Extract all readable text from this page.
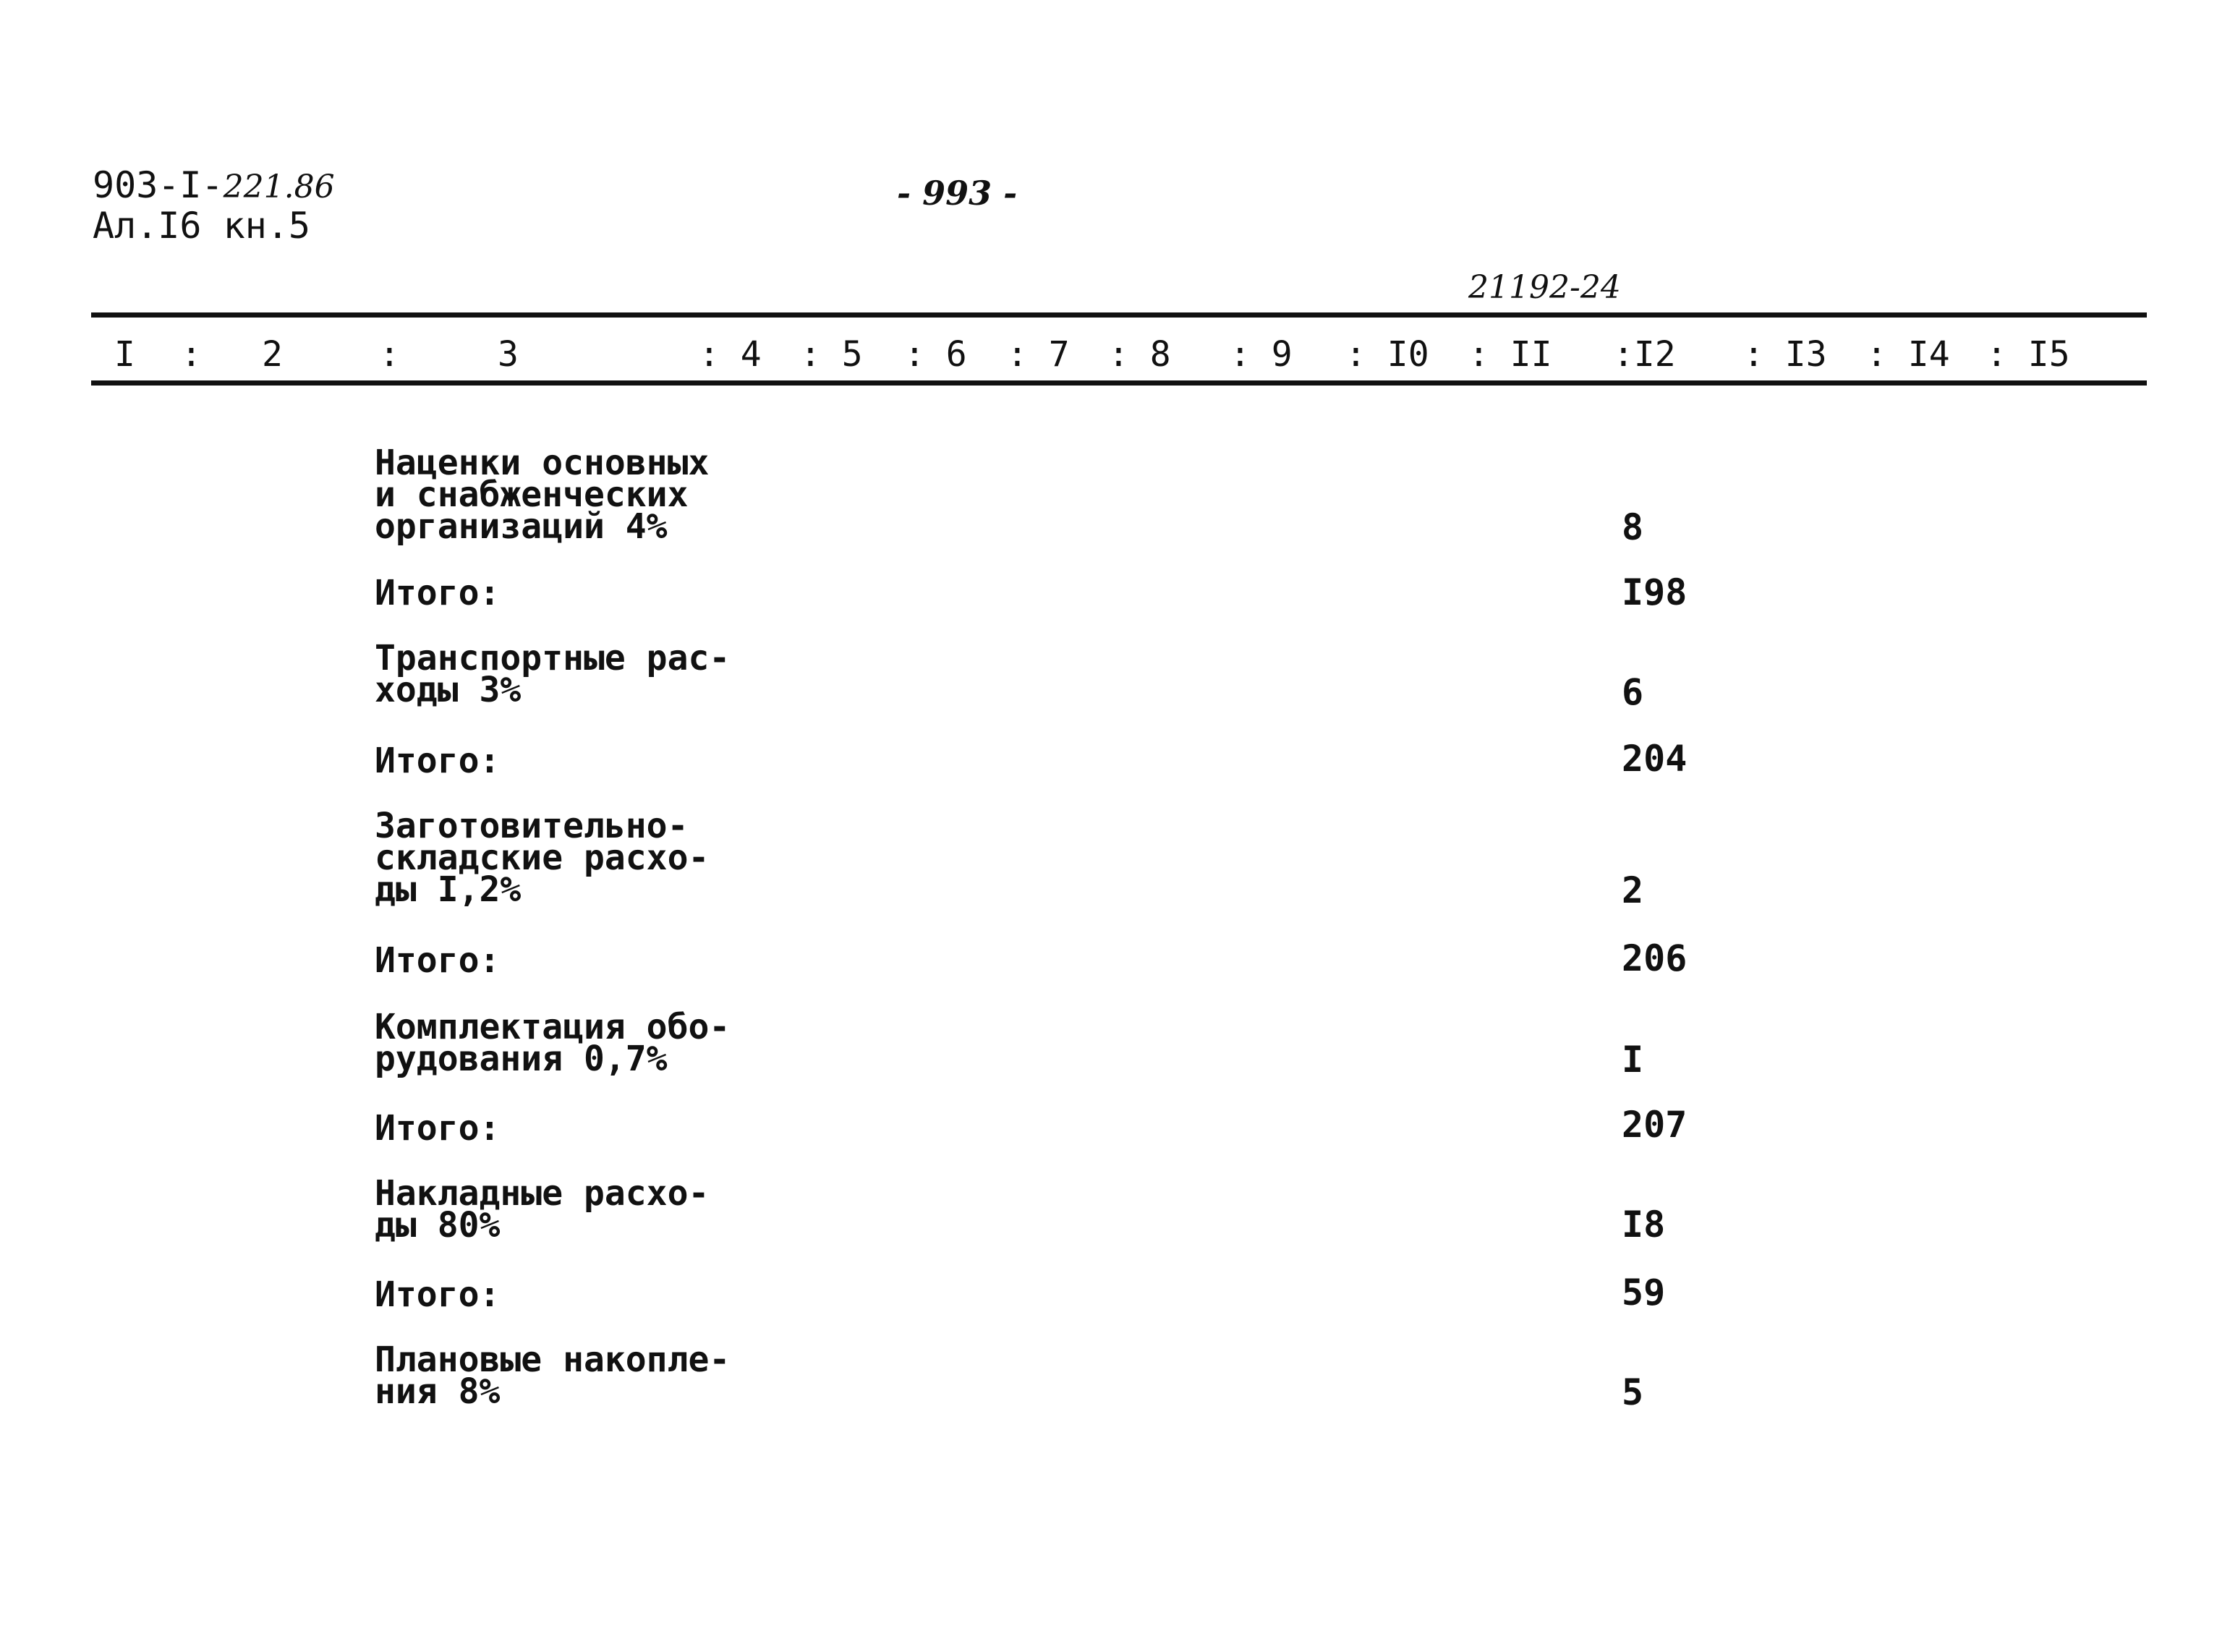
903-I-221.86
Ал.I6 кн.5
- 993 -
21192-24
I : 2	:	3	: 4 : 5 : 6 : 7 : 8 : 9 : I0 : II :I2 : I3 : I4 : I5
Наценки основных
и снабженческих
организаций 4%	8
Итого:	I98
Транспортные рас-
ходы 3%	6
Итого:	204
Заготовительно-
складские расхо-
ды I,2%	2
Итого:	206
Комплектация обо-
рудования 0,7%	I
Итого:	207
Накладные расхо-
ды 80%	I8
Итого:	59
Плановые накопле-
ния 8%	5
